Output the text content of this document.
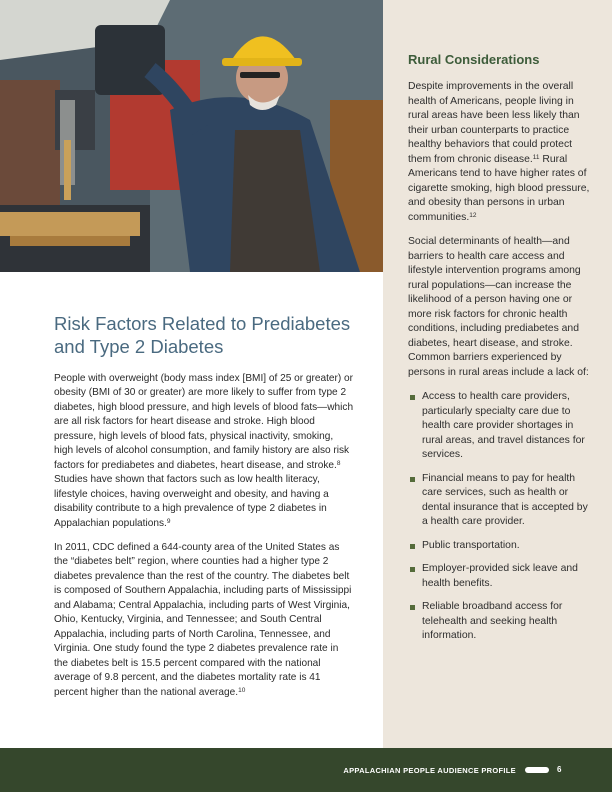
Risk Factors Related to Prediabetes and Type 2 Diabetes

People with overweight (body mass index [BMI] of 25 or greater) or obesity (BMI of 30 or greater) are more likely to suffer from type 2 diabetes, high blood pressure, and high levels of blood fats—which are all risk factors for heart disease and stroke. High blood pressure, high levels of blood fats, physical inactivity, smoking, high levels of alcohol consumption, and family history are also risk factors for prediabetes and diabetes, heart disease, and stroke.$^8$ Studies have shown that factors such as low health literacy, lifestyle choices, having overweight and obesity, and having a disability contribute to a high prevalence of type 2 diabetes in Appalachian populations.$^9$

In 2011, CDC defined a 644-county area of the United States as the “diabetes belt” region, where counties had a higher type 2 diabetes prevalence than the rest of the country. The diabetes belt is composed of Southern Appalachia, including parts of Mississippi and Alabama; Central Appalachia, including parts of West Virginia, Ohio, Kentucky, Virginia, and Tennessee; and South Central Appalachia, including parts of North Carolina, Tennessee, and Virginia. One study found the type 2 diabetes prevalence rate in the diabetes belt is 15.5 percent compared with the national average of 9.8 percent, and the diabetes mortality rate is 41 percent higher than the national average.$^{10}$

Rural Considerations

Despite improvements in the overall health of Americans, people living in rural areas have been less likely than their urban counterparts to practice healthy behaviors that could protect them from chronic disease.$^{11}$ Rural Americans tend to have higher rates of cigarette smoking, high blood pressure, and obesity than persons in urban communities.$^{12}$

Social determinants of health—and barriers to health care access and lifestyle intervention programs among rural populations—can increase the likelihood of a person having one or more risk factors for chronic health conditions, including prediabetes and diabetes, heart disease, and stroke. Common barriers experienced by persons in rural areas include a lack of:

Access to health care providers, particularly specialty care due to health care provider shortages in rural areas, and travel distances for services.
Financial means to pay for health care services, such as health or dental insurance that is accepted by a health care provider.
Public transportation.
Employer-provided sick leave and health benefits.
Reliable broadband access for telehealth and seeking health information.
APPALACHIAN PEOPLE AUDIENCE PROFILE	6
